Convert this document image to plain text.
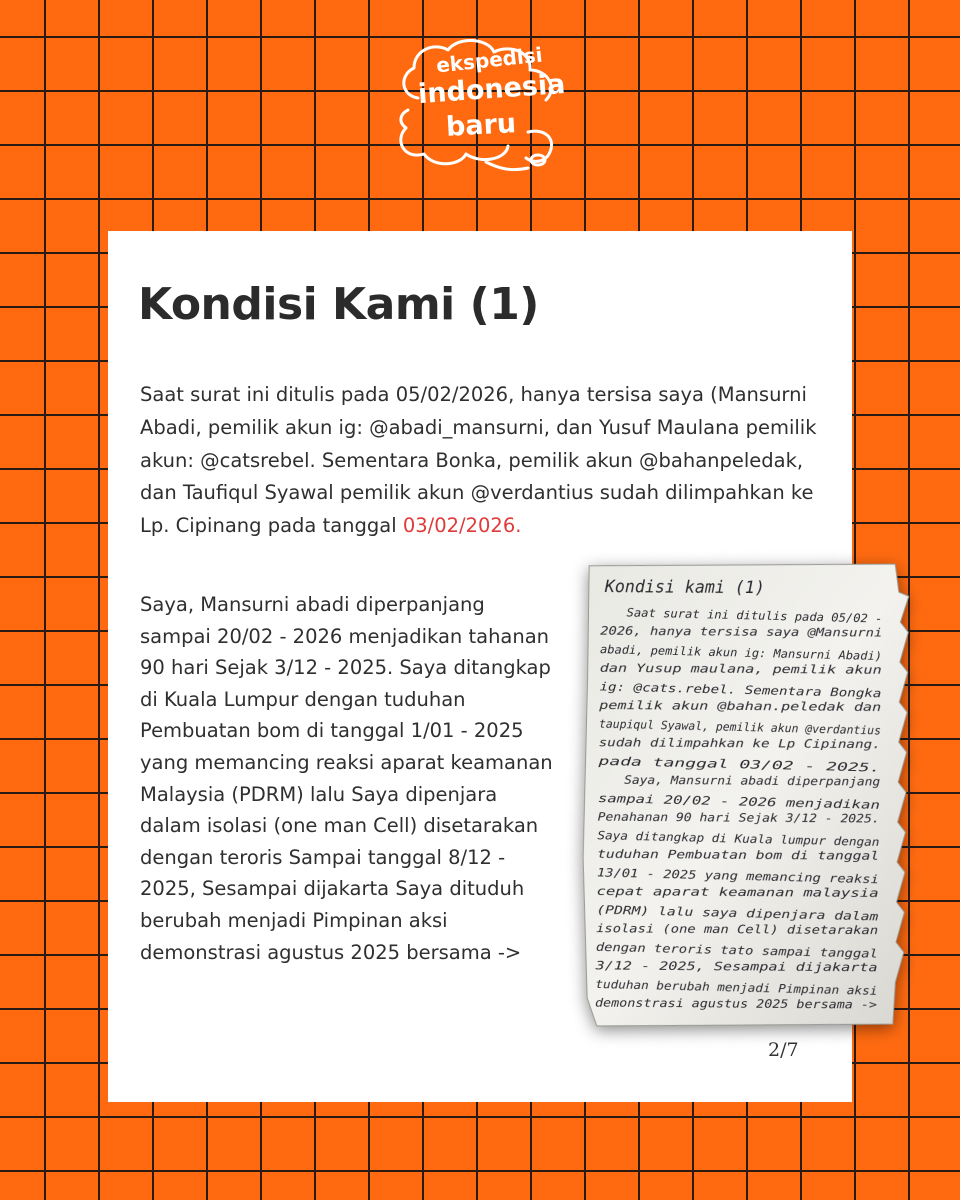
ekspedisi
indonesia
baru
Kondisi Kami (1)

Saat surat ini ditulis pada 05/02/2026, hanya tersisa saya (Mansurni Abadi, pemilik akun ig: @abadi_mansurni, dan Yusuf Maulana pemilik akun: @catsrebel. Sementara Bonka, pemilik akun @bahanpeledak, dan Taufiqul Syawal pemilik akun @verdantius sudah dilimpahkan ke Lp. Cipinang pada tanggal 03/02/2026.

Saya, Mansurni abadi diperpanjang sampai 20/02 - 2026 menjadikan tahanan 90 hari Sejak 3/12 - 2025. Saya ditangkap di Kuala Lumpur dengan tuduhan Pembuatan bom di tanggal 1/01 - 2025 yang memancing reaksi aparat keamanan Malaysia (PDRM) lalu Saya dipenjara dalam isolasi (one man Cell) disetarakan dengan teroris Sampai tanggal 8/12 - 2025, Sesampai dijakarta Saya dituduh berubah menjadi Pimpinan aksi demonstrasi agustus 2025 bersama ->

2/7
Kondisi kami (1)
Saat surat ini ditulis pada 05/02 -
2026, hanya tersisa saya @Mansurni
abadi, pemilik akun ig: Mansurni Abadi)
dan Yusup maulana, pemilik akun
ig: @cats.rebel. Sementara Bongka
pemilik akun @bahan.peledak dan
taupiqul Syawal, pemilik akun @verdantius
sudah dilimpahkan ke Lp Cipinang.
pada tanggal 03/02 - 2025.
Saya, Mansurni abadi diperpanjang
sampai 20/02 - 2026 menjadikan
Penahanan 90 hari Sejak 3/12 - 2025.
Saya ditangkap di Kuala lumpur dengan
tuduhan Pembuatan bom di tanggal
13/01 - 2025 yang memancing reaksi
cepat aparat keamanan malaysia
(PDRM) lalu saya dipenjara dalam
isolasi (one man Cell) disetarakan
dengan teroris tato sampai tanggal
3/12 - 2025, Sesampai dijakarta
tuduhan berubah menjadi Pimpinan aksi
demonstrasi agustus 2025 bersama ->
